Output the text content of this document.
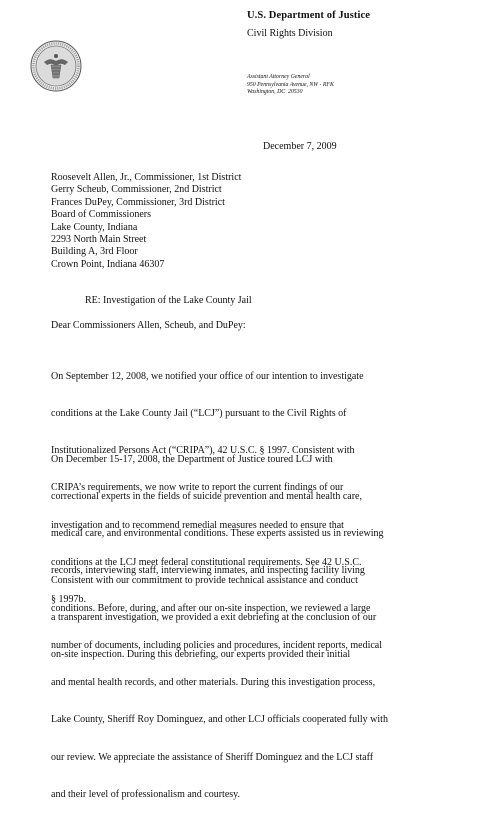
U.S. Department of Justice
Civil Rights Division
Assistant Attorney General
950 Pennsylvania Avenue, NW - RFK
Washington, DC  20530
December 7, 2009
Roosevelt Allen, Jr., Commissioner, 1st District
Gerry Scheub, Commissioner, 2nd District
Frances DuPey, Commissioner, 3rd District
Board of Commissioners
Lake County, Indiana
2293 North Main Street
Building A, 3rd Floor
Crown Point, Indiana 46307
RE: Investigation of the Lake County Jail
Dear Commissioners Allen, Scheub, and DuPey:

On September 12, 2008, we notified your office of our intention to investigate

conditions at the Lake County Jail (“LCJ”) pursuant to the Civil Rights of

Institutionalized Persons Act (“CRIPA”), 42 U.S.C. § 1997. Consistent with

CRIPA’s requirements, we now write to report the current findings of our

investigation and to recommend remedial measures needed to ensure that

conditions at the LCJ meet federal constitutional requirements. See 42 U.S.C.

§ 1997b.

On December 15-17, 2008, the Department of Justice toured LCJ with

correctional experts in the fields of suicide prevention and mental health care,

medical care, and environmental conditions. These experts assisted us in reviewing

records, interviewing staff, interviewing inmates, and inspecting facility living

conditions. Before, during, and after our on-site inspection, we reviewed a large

number of documents, including policies and procedures, incident reports, medical

and mental health records, and other materials. During this investigation process,

Lake County, Sheriff Roy Dominguez, and other LCJ officials cooperated fully with

our review. We appreciate the assistance of Sheriff Dominguez and the LCJ staff

and their level of professionalism and courtesy.

Consistent with our commitment to provide technical assistance and conduct

a transparent investigation, we provided a exit debriefing at the conclusion of our

on-site inspection. During this debriefing, our experts provided their initial
